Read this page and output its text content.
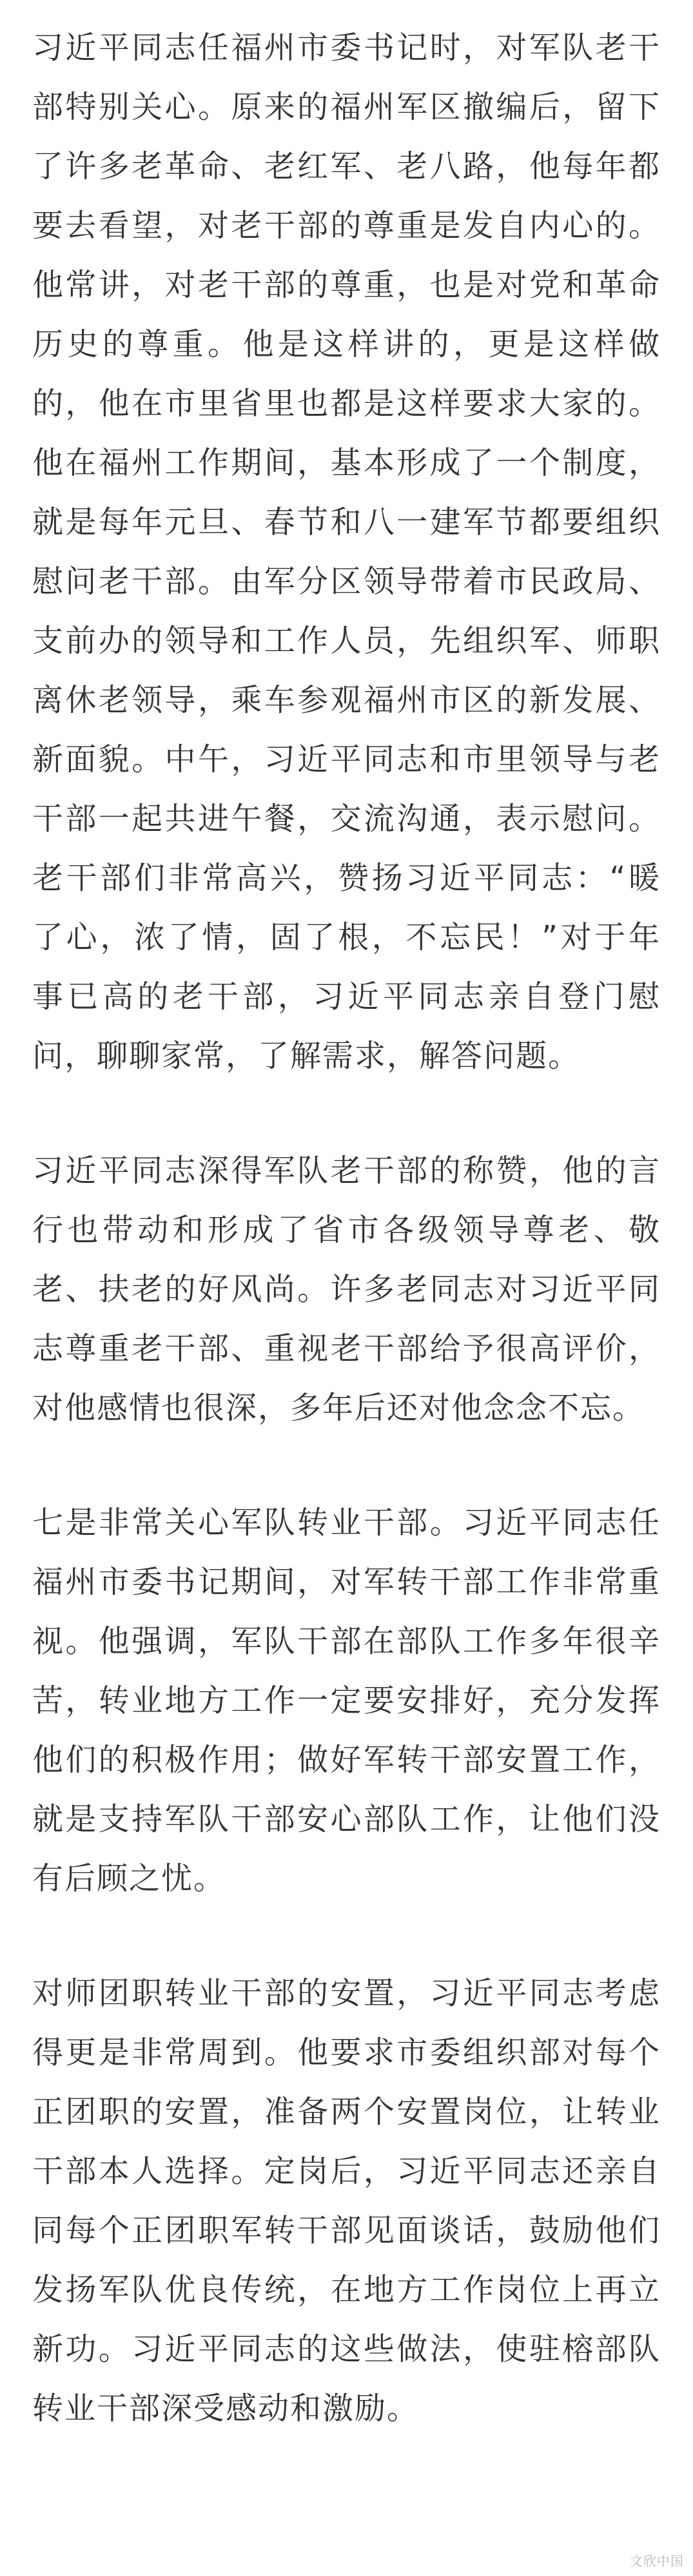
习近平同志任福州市委书记时，对军队老干部特别关心。原来的福州军区撤编后，留下了许多老革命、老红军、老八路，他每年都要去看望，对老干部的尊重是发自内心的。他常讲，对老干部的尊重，也是对党和革命历史的尊重。他是这样讲的，更是这样做的，他在市里省里也都是这样要求大家的。他在福州工作期间，基本形成了一个制度，就是每年元旦、春节和八一建军节都要组织慰问老干部。由军分区领导带着市民政局、支前办的领导和工作人员，先组织军、师职离休老领导，乘车参观福州市区的新发展、新面貌。中午，习近平同志和市里领导与老干部一起共进午餐，交流沟通，表示慰问。老干部们非常高兴，赞扬习近平同志：“暖了心，浓了情，固了根，不忘民！”对于年事已高的老干部，习近平同志亲自登门慰问，聊聊家常，了解需求，解答问题。

习近平同志深得军队老干部的称赞，他的言行也带动和形成了省市各级领导尊老、敬老、扶老的好风尚。许多老同志对习近平同志尊重老干部、重视老干部给予很高评价，对他感情也很深，多年后还对他念念不忘。

七是非常关心军队转业干部。习近平同志任福州市委书记期间，对军转干部工作非常重视。他强调，军队干部在部队工作多年很辛苦，转业地方工作一定要安排好，充分发挥他们的积极作用；做好军转干部安置工作，就是支持军队干部安心部队工作，让他们没有后顾之忧。

对师团职转业干部的安置，习近平同志考虑得更是非常周到。他要求市委组织部对每个正团职的安置，准备两个安置岗位，让转业干部本人选择。定岗后，习近平同志还亲自同每个正团职军转干部见面谈话，鼓励他们发扬军队优良传统，在地方工作岗位上再立新功。习近平同志的这些做法，使驻榕部队转业干部深受感动和激励。

文欣中国
